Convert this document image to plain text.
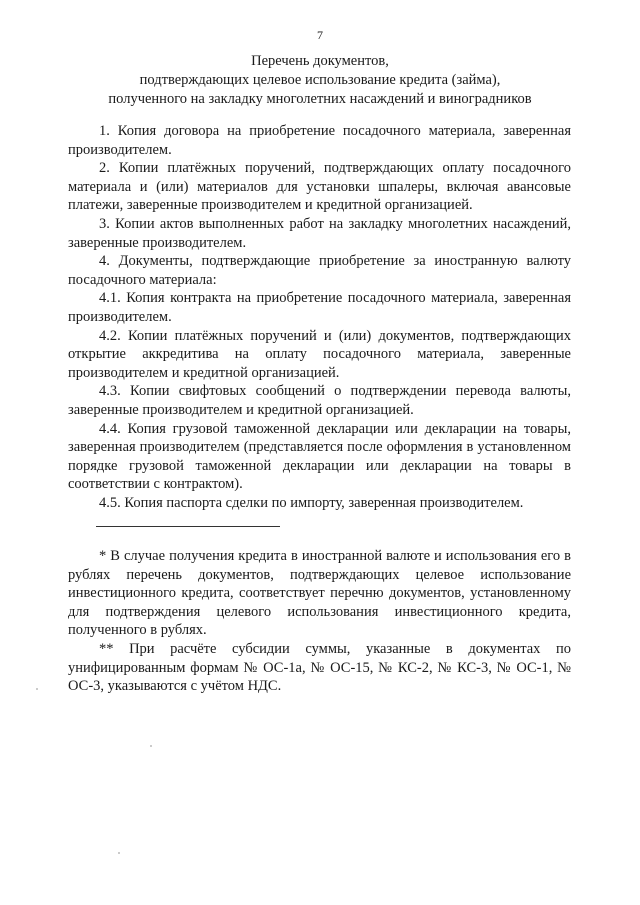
7
Перечень документов,
подтверждающих целевое использование кредита (займа),
полученного на закладку многолетних насаждений и виноградников

1. Копия договора на приобретение посадочного материала, заверенная производителем.

2. Копии платёжных поручений, подтверждающих оплату посадочного материала и (или) материалов для установки шпалеры, включая авансовые платежи, заверенные производителем и кредитной организацией.

3. Копии актов выполненных работ на закладку многолетних насаждений, заверенные производителем.

4. Документы, подтверждающие приобретение за иностранную валюту посадочного материала:

4.1. Копия контракта на приобретение посадочного материала, заверенная производителем.

4.2. Копии платёжных поручений и (или) документов, подтверждающих открытие аккредитива на оплату посадочного материала, заверенные производителем и кредитной организацией.

4.3. Копии свифтовых сообщений о подтверждении перевода валюты, заверенные производителем и кредитной организацией.

4.4. Копия грузовой таможенной декларации или декларации на товары, заверенная производителем (представляется после оформления в установленном порядке грузовой таможенной декларации или декларации на товары в соответствии с контрактом).

4.5. Копия паспорта сделки по импорту, заверенная производителем.

* В случае получения кредита в иностранной валюте и использования его в рублях перечень документов, подтверждающих целевое использование инвестиционного кредита, соответствует перечню документов, установленному для подтверждения целевого использования инвестиционного кредита, полученного в рублях.

** При расчёте субсидии суммы, указанные в документах по унифицированным формам № ОС-1а, № ОС-15, № КС-2, № КС-3, № ОС-1, № ОС-3, указываются с учётом НДС.
